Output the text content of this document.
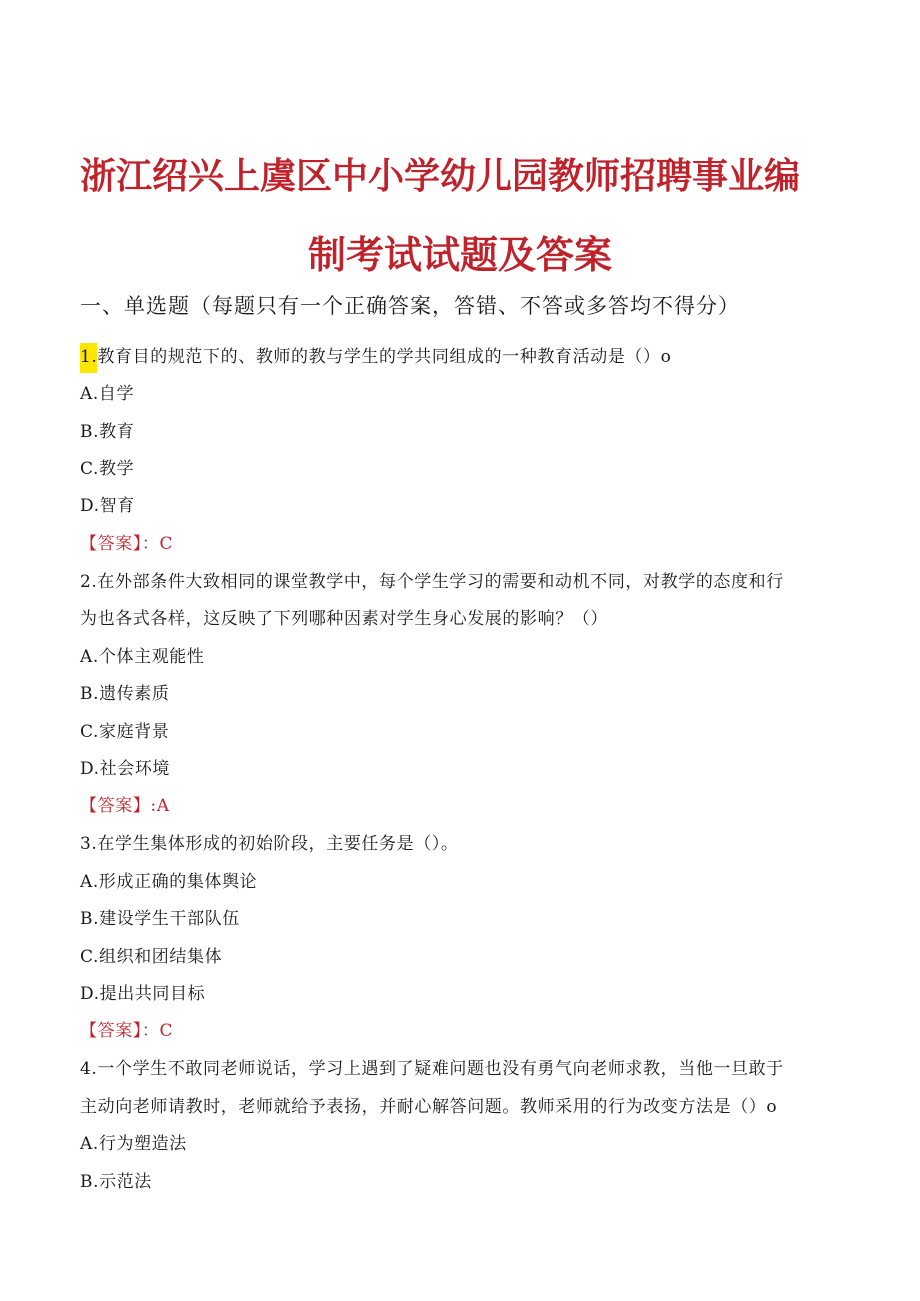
浙江绍兴上虞区中小学幼儿园教师招聘事业编
制考试试题及答案
一、单选题（每题只有一个正确答案，答错、不答或多答均不得分）
1.教育目的规范下的、教师的教与学生的学共同组成的一种教育活动是（）o
A.自学
B.教育
C.教学
D.智育
【答案】：C
2.在外部条件大致相同的课堂教学中，每个学生学习的需要和动机不同，对教学的态度和行
为也各式各样，这反映了下列哪种因素对学生身心发展的影响？（）
A.个体主观能性
B.遗传素质
C.家庭背景
D.社会环境
【答案】:A
3.在学生集体形成的初始阶段，主要任务是（）。
A.形成正确的集体舆论
B.建设学生干部队伍
C.组织和团结集体
D.提出共同目标
【答案】：C
4.一个学生不敢同老师说话，学习上遇到了疑难问题也没有勇气向老师求教，当他一旦敢于
主动向老师请教时，老师就给予表扬，并耐心解答问题。教师采用的行为改变方法是（）o
A.行为塑造法
B.示范法
